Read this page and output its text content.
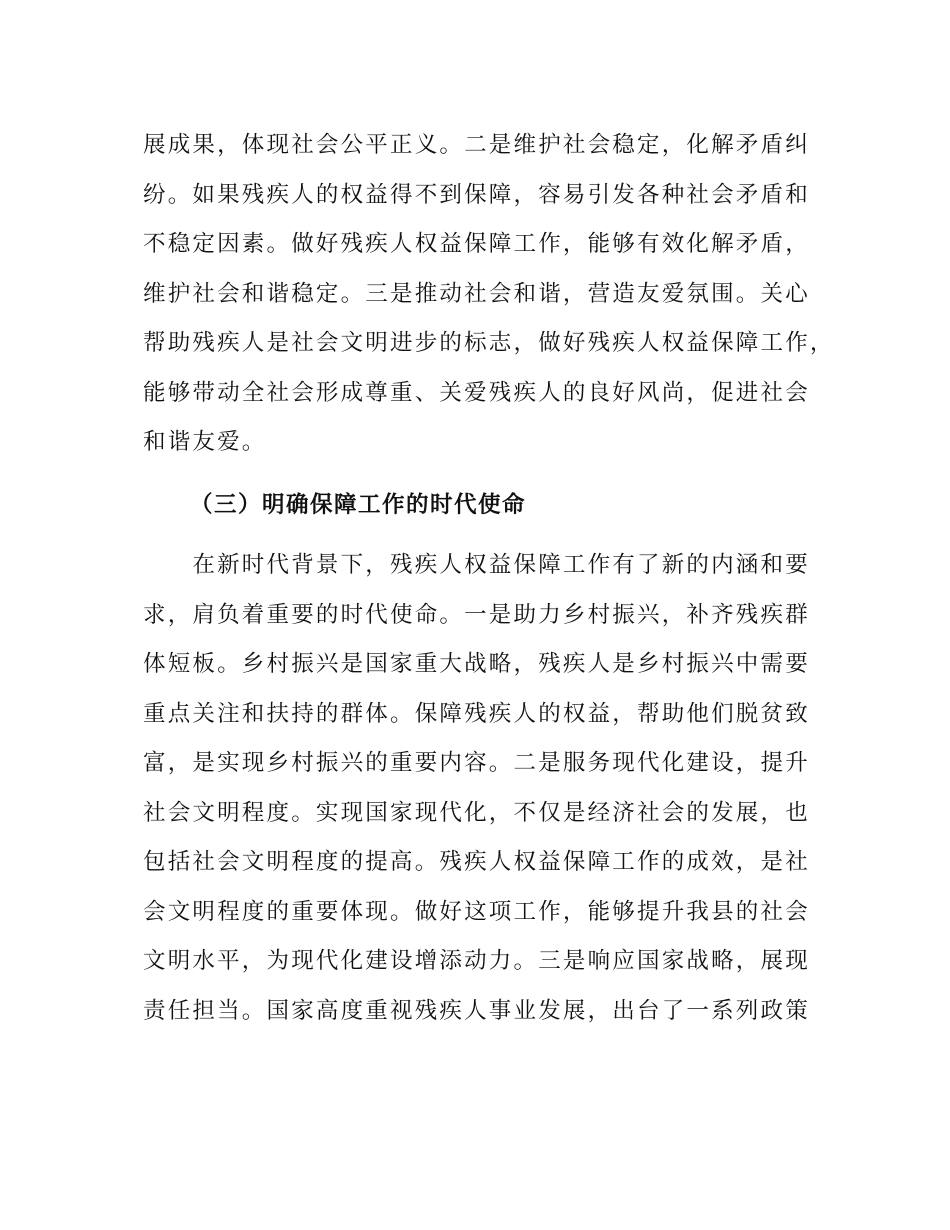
展成果，体现社会公平正义。二是维护社会稳定，化解矛盾纠
纷。如果残疾人的权益得不到保障，容易引发各种社会矛盾和
不稳定因素。做好残疾人权益保障工作，能够有效化解矛盾，
维护社会和谐稳定。三是推动社会和谐，营造友爱氛围。关心
帮助残疾人是社会文明进步的标志，做好残疾人权益保障工作，
能够带动全社会形成尊重、关爱残疾人的良好风尚，促进社会
和谐友爱。
（三）明确保障工作的时代使命
　　在新时代背景下，残疾人权益保障工作有了新的内涵和要
求，肩负着重要的时代使命。一是助力乡村振兴，补齐残疾群
体短板。乡村振兴是国家重大战略，残疾人是乡村振兴中需要
重点关注和扶持的群体。保障残疾人的权益，帮助他们脱贫致
富，是实现乡村振兴的重要内容。二是服务现代化建设，提升
社会文明程度。实现国家现代化，不仅是经济社会的发展，也
包括社会文明程度的提高。残疾人权益保障工作的成效，是社
会文明程度的重要体现。做好这项工作，能够提升我县的社会
文明水平，为现代化建设增添动力。三是响应国家战略，展现
责任担当。国家高度重视残疾人事业发展，出台了一系列政策
